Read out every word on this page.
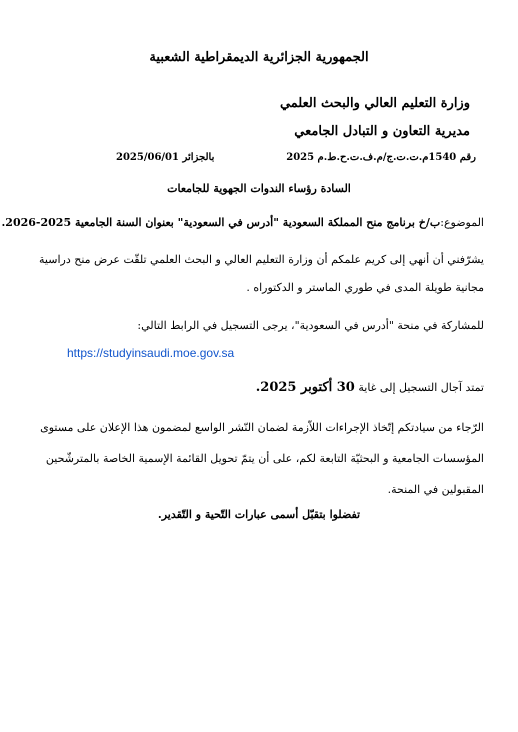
الجمهورية الجزائرية الديمقراطية الشعبية
وزارة التعليم العالي والبحث العلمي
مديرية التعاون و التبادل الجامعي
رقم 1540م.ت.ت.ج/م.ف.ت.ح.ط.م 2025
بالجزائر 2025/06/01
السادة رؤساء الندوات الجهوية للجامعات
الموضوع:ب/خ برنامج منح المملكة السعودية "أدرس في السعودية" بعنوان السنة الجامعية 2025-2026.
يشرّفني أن أنهي إلى كريم علمكم أن وزارة التعليم العالي و البحث العلمي تلقّت عرض منح دراسية مجانية طويلة المدى في طوري الماستر و الدكتوراه .
للمشاركة في منحة "أدرس في السعودية"، يرجى التسجيل في الرابط التالي:
https://studyinsaudi.moe.gov.sa
تمتد آجال التسجيل إلى غاية 30 أكتوبر 2025.
الرّجاء من سيادتكم إتّخاذ الإجراءات اللاّزمة لضمان النّشر الواسع لمضمون هذا الإعلان على مستوى المؤسسات الجامعية و البحثيّة التابعة لكم، على أن يتمّ تحويل القائمة الإسمية الخاصة بالمترشّحين المقبولين في المنحة.
تفضلوا بتقبّل أسمى عبارات التّحية و التّقدير.
